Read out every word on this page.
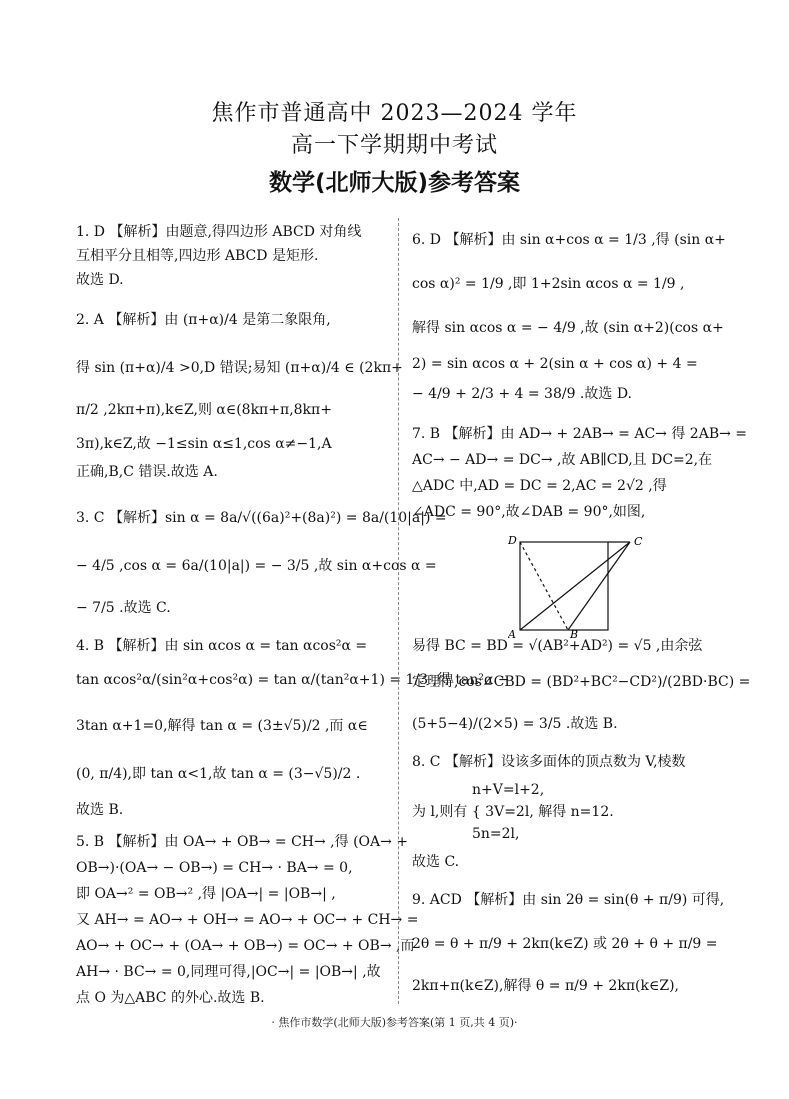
焦作市普通高中 2023—2024 学年
高一下学期期中考试
数学(北师大版)参考答案
1. D 【解析】由题意,得四边形 ABCD 对角线
互相平分且相等,四边形 ABCD 是矩形.
故选 D.
2. A 【解析】由 (π+α)/4 是第二象限角,
得 sin (π+α)/4 >0,D 错误;易知 (π+α)/4 ∈ (2kπ+
π/2 ,2kπ+π),k∈Z,则 α∈(8kπ+π,8kπ+
3π),k∈Z,故 −1≤sin α≤1,cos α≠−1,A
正确,B,C 错误.故选 A.
3. C 【解析】sin α = 8a/√((6a)²+(8a)²) = 8a/(10|a|) =
− 4/5 ,cos α = 6a/(10|a|) = − 3/5 ,故 sin α+cos α =
− 7/5 .故选 C.
4. B 【解析】由 sin αcos α = tan αcos²α =
tan αcos²α/(sin²α+cos²α) = tan α/(tan²α+1) = 1/3 ,得 tan²α −
3tan α+1=0,解得 tan α = (3±√5)/2 ,而 α∈
(0, π/4),即 tan α<1,故 tan α = (3−√5)/2 .
故选 B.
5. B 【解析】由 OA→ + OB→ = CH→ ,得 (OA→ +
OB→)·(OA→ − OB→) = CH→ · BA→ = 0,
即 OA→² = OB→² ,得 |OA→| = |OB→| ,
又 AH→ = AO→ + OH→ = AO→ + OC→ + CH→ =
AO→ + OC→ + (OA→ + OB→) = OC→ + OB→ ,而
AH→ · BC→ = 0,同理可得,|OC→| = |OB→| ,故
点 O 为△ABC 的外心.故选 B.
6. D 【解析】由 sin α+cos α = 1/3 ,得 (sin α+
cos α)² = 1/9 ,即 1+2sin αcos α = 1/9 ,
解得 sin αcos α = − 4/9 ,故 (sin α+2)(cos α+
2) = sin αcos α + 2(sin α + cos α) + 4 =
− 4/9 + 2/3 + 4 = 38/9 .故选 D.
7. B 【解析】由 AD→ + 2AB→ = AC→ 得 2AB→ =
AC→ − AD→ = DC→ ,故 AB∥CD,且 DC=2,在
△ADC 中,AD = DC = 2,AC = 2√2 ,得
∠ADC = 90°,故∠DAB = 90°,如图,
D	C
A	B
易得 BC = BD = √(AB²+AD²) = √5 ,由余弦
定理得,cos∠CBD = (BD²+BC²−CD²)/(2BD·BC) =
(5+5−4)/(2×5) = 3/5 .故选 B.
8. C 【解析】设该多面体的顶点数为 V,棱数
n+V=l+2,
为 l,则有 { 3V=2l, 解得 n=12.
5n=2l,
故选 C.
9. ACD 【解析】由 sin 2θ = sin(θ + π/9) 可得,
2θ = θ + π/9 + 2kπ(k∈Z) 或 2θ + θ + π/9 =
2kπ+π(k∈Z),解得 θ = π/9 + 2kπ(k∈Z),
· 焦作市数学(北师大版)参考答案(第 1 页,共 4 页)·
